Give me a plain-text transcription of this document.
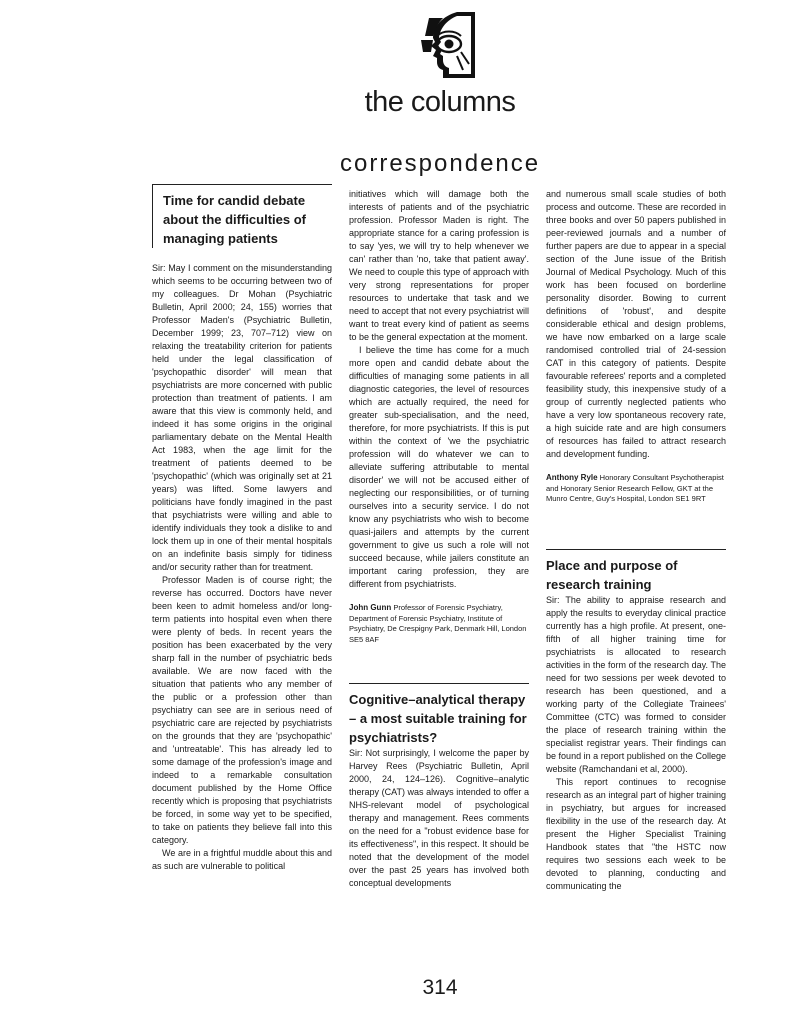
the columns
correspondence
Time for candid debate about the difficulties of managing patients

Sir: May I comment on the misunderstanding which seems to be occurring between two of my colleagues. Dr Mohan (Psychiatric Bulletin, April 2000; 24, 155) worries that Professor Maden's (Psychiatric Bulletin, December 1999; 23, 707–712) view on relaxing the treatability criterion for patients held under the legal classification of 'psychopathic disorder' will mean that psychiatrists are more concerned with public protection than treatment of patients. I am aware that this view is commonly held, and indeed it has some origins in the original parliamentary debate on the Mental Health Act 1983, when the age limit for the treatment of patients deemed to be 'psychopathic' (which was originally set at 21 years) was lifted. Some lawyers and politicians have fondly imagined in the past that psychiatrists were willing and able to identify individuals they took a dislike to and lock them up in one of their mental hospitals on an indefinite basis simply for tidiness and/or security rather than for treatment.

Professor Maden is of course right; the reverse has occurred. Doctors have never been keen to admit homeless and/or long-term patients into hospital even when there were plenty of beds. In recent years the position has been exacerbated by the very sharp fall in the number of psychiatric beds available. We are now faced with the situation that patients who any member of the public or a profession other than psychiatry can see are in serious need of psychiatric care are rejected by psychiatrists on the grounds that they are 'psychopathic' and 'untreatable'. This has already led to some damage of the profession's image and indeed to a remarkable consultation document published by the Home Office recently which is proposing that psychiatrists be forced, in some way yet to be specified, to take on patients they believe fall into this category.

We are in a frightful muddle about this and as such are vulnerable to political

initiatives which will damage both the interests of patients and of the psychiatric profession. Professor Maden is right. The appropriate stance for a caring profession is to say 'yes, we will try to help whenever we can' rather than 'no, take that patient away'. We need to couple this type of approach with very strong representations for proper resources to undertake that task and we need to accept that not every psychiatrist will want to treat every kind of patient as seems to be the general expectation at the moment.

I believe the time has come for a much more open and candid debate about the difficulties of managing some patients in all diagnostic categories, the level of resources which are actually required, the need for greater sub-specialisation, and the need, therefore, for more psychiatrists. If this is put within the context of 'we the psychiatric profession will do whatever we can to alleviate suffering attributable to mental disorder' we will not be accused either of neglecting our responsibilities, or of turning ourselves into a security service. I do not know any psychiatrists who wish to become quasi-jailers and attempts by the current government to give us such a role will not succeed because, while jailers constitute an important caring profession, they are different from psychiatrists.

John Gunn Professor of Forensic Psychiatry, Department of Forensic Psychiatry, Institute of Psychiatry, De Crespigny Park, Denmark Hill, London SE5 8AF
Cognitive–analytical therapy – a most suitable training for psychiatrists?

Sir: Not surprisingly, I welcome the paper by Harvey Rees (Psychiatric Bulletin, April 2000, 24, 124–126). Cognitive–analytic therapy (CAT) was always intended to offer a NHS-relevant model of psychological therapy and management. Rees comments on the need for a "robust evidence base for its effectiveness", in this respect. It should be noted that the development of the model over the past 25 years has involved both conceptual developments

and numerous small scale studies of both process and outcome. These are recorded in three books and over 50 papers published in peer-reviewed journals and a number of further papers are due to appear in a special section of the June issue of the British Journal of Medical Psychology. Much of this work has been focused on borderline personality disorder. Bowing to current definitions of 'robust', and despite considerable ethical and design problems, we have now embarked on a large scale randomised controlled trial of 24-session CAT in this category of patients. Despite favourable referees' reports and a completed feasibility study, this inexpensive study of a group of currently neglected patients who have a very low spontaneous recovery rate, a high suicide rate and are high consumers of resources has failed to attract research and development funding.

Anthony Ryle Honorary Consultant Psychotherapist and Honorary Senior Research Fellow, GKT at the Munro Centre, Guy's Hospital, London SE1 9RT
Place and purpose of research training

Sir: The ability to appraise research and apply the results to everyday clinical practice currently has a high profile. At present, one-fifth of all higher training time for psychiatrists is allocated to research activities in the form of the research day. The need for two sessions per week devoted to research has been questioned, and a working party of the Collegiate Trainees' Committee (CTC) was formed to consider the place of research training within the specialist registrar years. Their findings can be found in a report published on the College website (Ramchandani et al, 2000).

This report continues to recognise research as an integral part of higher training in psychiatry, but argues for increased flexibility in the use of the research day. At present the Higher Specialist Training Handbook states that "the HSTC now requires two sessions each week to be devoted to planning, conducting and communicating the

314
